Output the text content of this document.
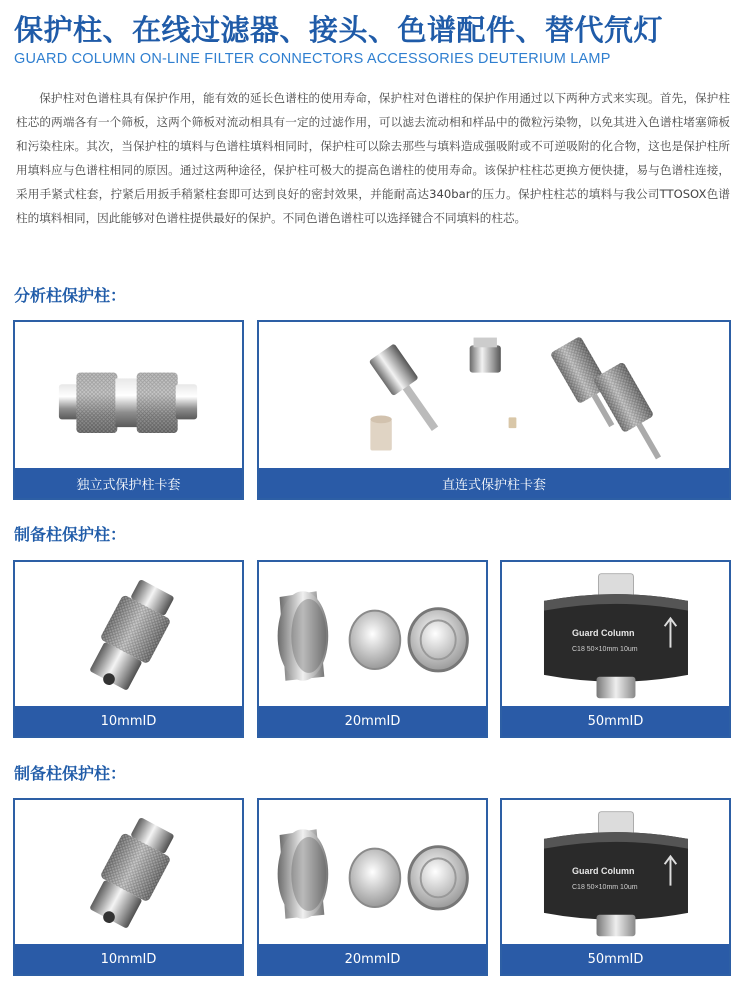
保护柱、在线过滤器、接头、色谱配件、替代氘灯
GUARD COLUMN ON-LINE FILTER CONNECTORS ACCESSORIES DEUTERIUM LAMP

保护柱对色谱柱具有保护作用，能有效的延长色谱柱的使用寿命，保护柱对色谱柱的保护作用通过以下两种方式来实现。首先，保护柱柱芯的两端各有一个筛板，这两个筛板对流动相具有一定的过滤作用，可以滤去流动相和样品中的微粒污染物，以免其进入色谱柱堵塞筛板和污染柱床。其次，当保护柱的填料与色谱柱填料相同时，保护柱可以除去那些与填料造成强吸附或不可逆吸附的化合物，这也是保护柱所用填料应与色谱柱相同的原因。通过这两种途径，保护柱可极大的提高色谱柱的使用寿命。该保护柱柱芯更换方便快捷，易与色谱柱连接，采用手紧式柱套，拧紧后用扳手稍紧柱套即可达到良好的密封效果，并能耐高达340bar的压力。保护柱柱芯的填料与我公司TTOSOX色谱柱的填料相同，因此能够对色谱柱提供最好的保护。不同色谱色谱柱可以选择键合不同填料的柱芯。

分析柱保护柱：
独立式保护柱卡套	直连式保护柱卡套
制备柱保护柱：
10mmID	20mmID
Guard Column
C18 50×10mm 10um
50mmID
制备柱保护柱：
10mmID	20mmID
Guard Column
C18 50×10mm 10um
50mmID
